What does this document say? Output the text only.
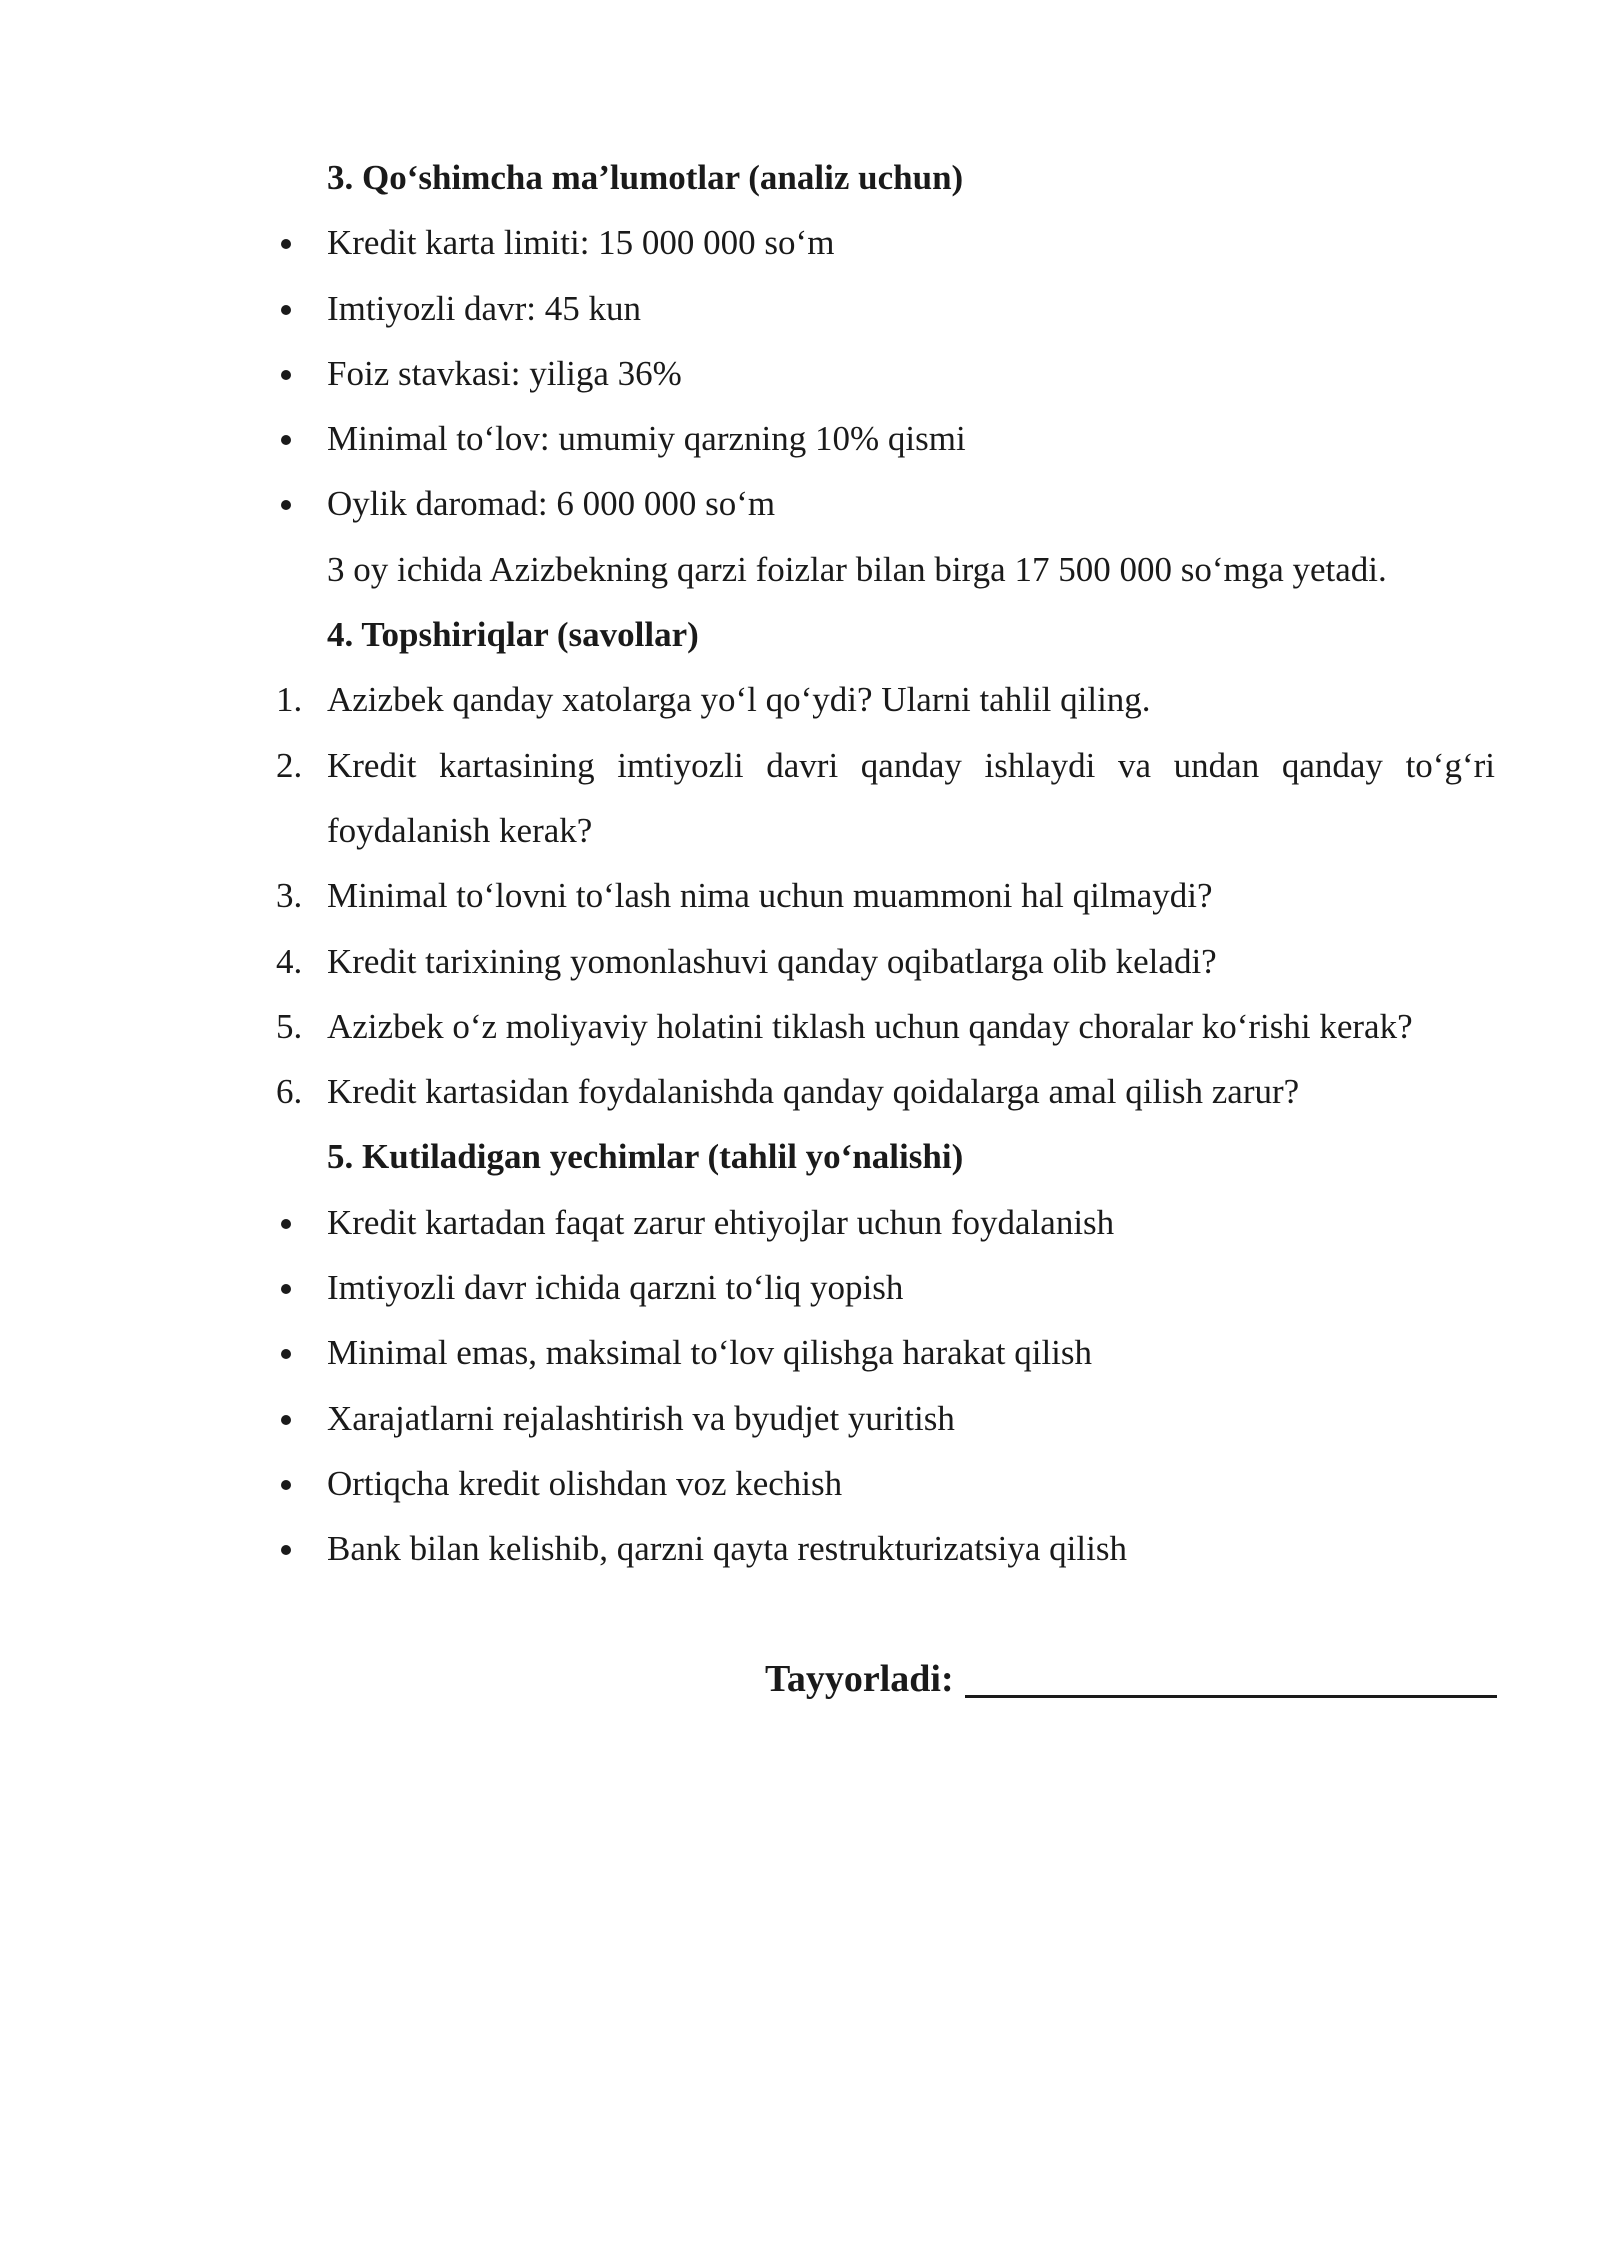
3. Qo‘shimcha ma’lumotlar (analiz uchun)
Kredit karta limiti: 15 000 000 so‘m
Imtiyozli davr: 45 kun
Foiz stavkasi: yiliga 36%
Minimal to‘lov: umumiy qarzning 10% qismi
Oylik daromad: 6 000 000 so‘m
3 oy ichida Azizbekning qarzi foizlar bilan birga 17 500 000 so‘mga yetadi.
4. Topshiriqlar (savollar)
1. Azizbek qanday xatolarga yo‘l qo‘ydi? Ularni tahlil qiling.
2. Kredit kartasining imtiyozli davri qanday ishlaydi va undan qanday to‘g‘ri foydalanish kerak?
3. Minimal to‘lovni to‘lash nima uchun muammoni hal qilmaydi?
4. Kredit tarixining yomonlashuvi qanday oqibatlarga olib keladi?
5. Azizbek o‘z moliyaviy holatini tiklash uchun qanday choralar ko‘rishi kerak?
6. Kredit kartasidan foydalanishda qanday qoidalarga amal qilish zarur?
5. Kutiladigan yechimlar (tahlil yo‘nalishi)
Kredit kartadan faqat zarur ehtiyojlar uchun foydalanish
Imtiyozli davr ichida qarzni to‘liq yopish
Minimal emas, maksimal to‘lov qilishga harakat qilish
Xarajatlarni rejalashtirish va byudjet yuritish
Ortiqcha kredit olishdan voz kechish
Bank bilan kelishib, qarzni qayta restrukturizatsiya qilish
Tayyorladi:
